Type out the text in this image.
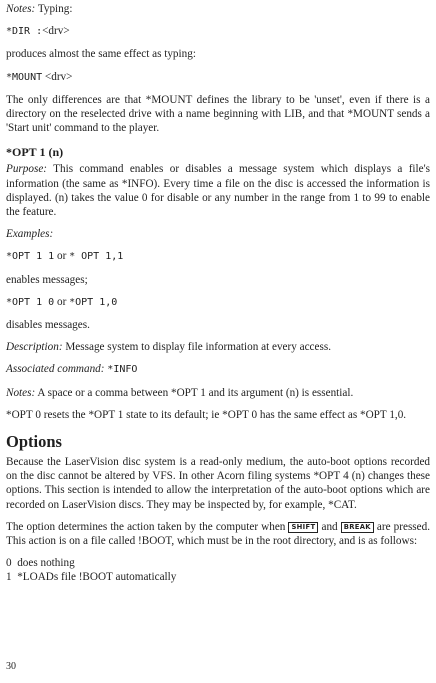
Notes: Typing:

*DIR :<drv>

produces almost the same effect as typing:

*MOUNT <drv>

The only differences are that *MOUNT defines the library to be 'unset', even if there is a directory on the reselected drive with a name beginning with LIB, and that *MOUNT sends a 'Start unit' command to the player.

*OPT 1 (n)

Purpose: This command enables or disables a message system which displays a file's information (the same as *INFO). Every time a file on the disc is accessed the information is displayed. (n) takes the value 0 for disable or any number in the range from 1 to 99 to enable the feature.

Examples:

*OPT 1 1 or * OPT 1,1

enables messages;

*OPT 1 0 or *OPT 1,0

disables messages.

Description: Message system to display file information at every access.

Associated command: *INFO

Notes: A space or a comma between *OPT 1 and its argument (n) is essential.

*OPT 0 resets the *OPT 1 state to its default; ie *OPT 0 has the same effect as *OPT 1,0.

Options

Because the LaserVision disc system is a read-only medium, the auto-boot options recorded on the disc cannot be altered by VFS. In other Acorn filing systems *OPT 4 (n) changes these options. This section is intended to allow the interpretation of the auto-boot options which are recorded on LaserVision discs. They may be inspected by, for example, *CAT.

The option determines the action taken by the computer when SHIFT and BREAK are pressed. This action is on a file called !BOOT, which must be in the root directory, and is as follows:

0  does nothing

1  *LOADs file !BOOT automatically

30
